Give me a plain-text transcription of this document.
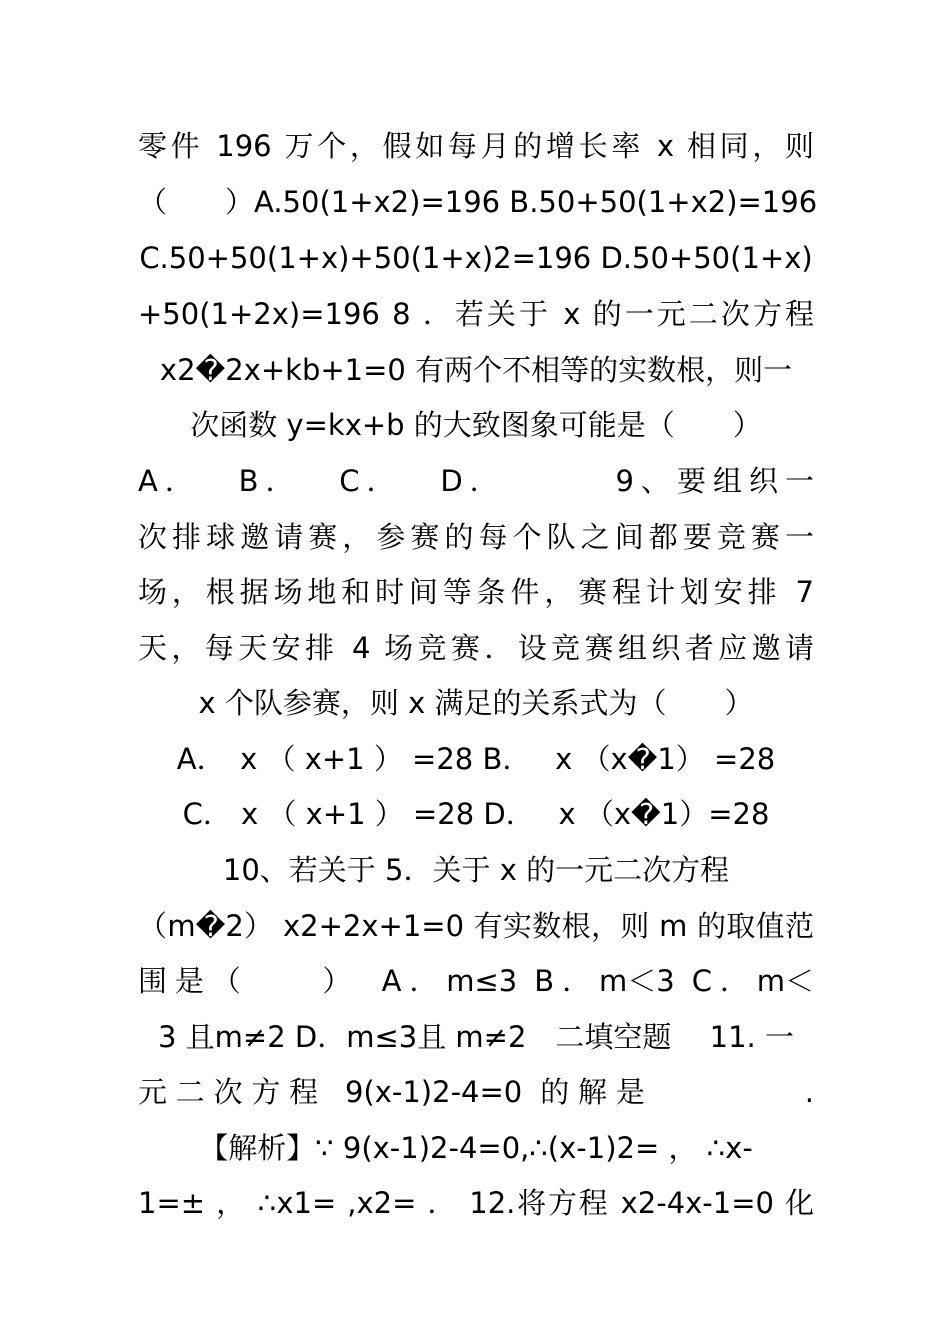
零件 196 万个，假如每月的增长率 x 相同，则
（　　）A.50(1+x2)=196 B.50+50(1+x2)=196
C.50+50(1+x)+50(1+x)2=196 D.50+50(1+x)
+50(1+2x)=196 8 ．若关于 x 的一元二次方程
x2�2x+kb+1=0 有两个不相等的实数根，则一
次函数 y=kx+b 的大致图象可能是（　　）
A．　 B．　 C．　 D．　　　 9、要组织一
次排球邀请赛，参赛的每个队之间都要竞赛一
场，根据场地和时间等条件，赛程计划安排 7
天，每天安排 4 场竞赛．设竞赛组织者应邀请
x 个队参赛，则 x 满足的关系式为（　　）
A．　x （ x+1 ） =28 B．　 x （x�1） =28
C． x （ x+1 ） =28 D．　 x （x�1）=28
10、若关于 5．关于 x 的一元二次方程
（m�2） x2+2x+1=0 有实数根，则 m 的取值范
围是（　　）　A．m≤3 B．m＜3 C．m＜
3 且m≠2 D．m≤3且 m≠2　二填空题　 11. 一
元二次方程 9(x-1)2-4=0 的解是　　　　.
【解析】∵ 9(x-1)2-4=0,∴(x-1)2= ， ∴x-
1=± ， ∴x1= ,x2= ． 12.将方程 x2-4x-1=0 化
